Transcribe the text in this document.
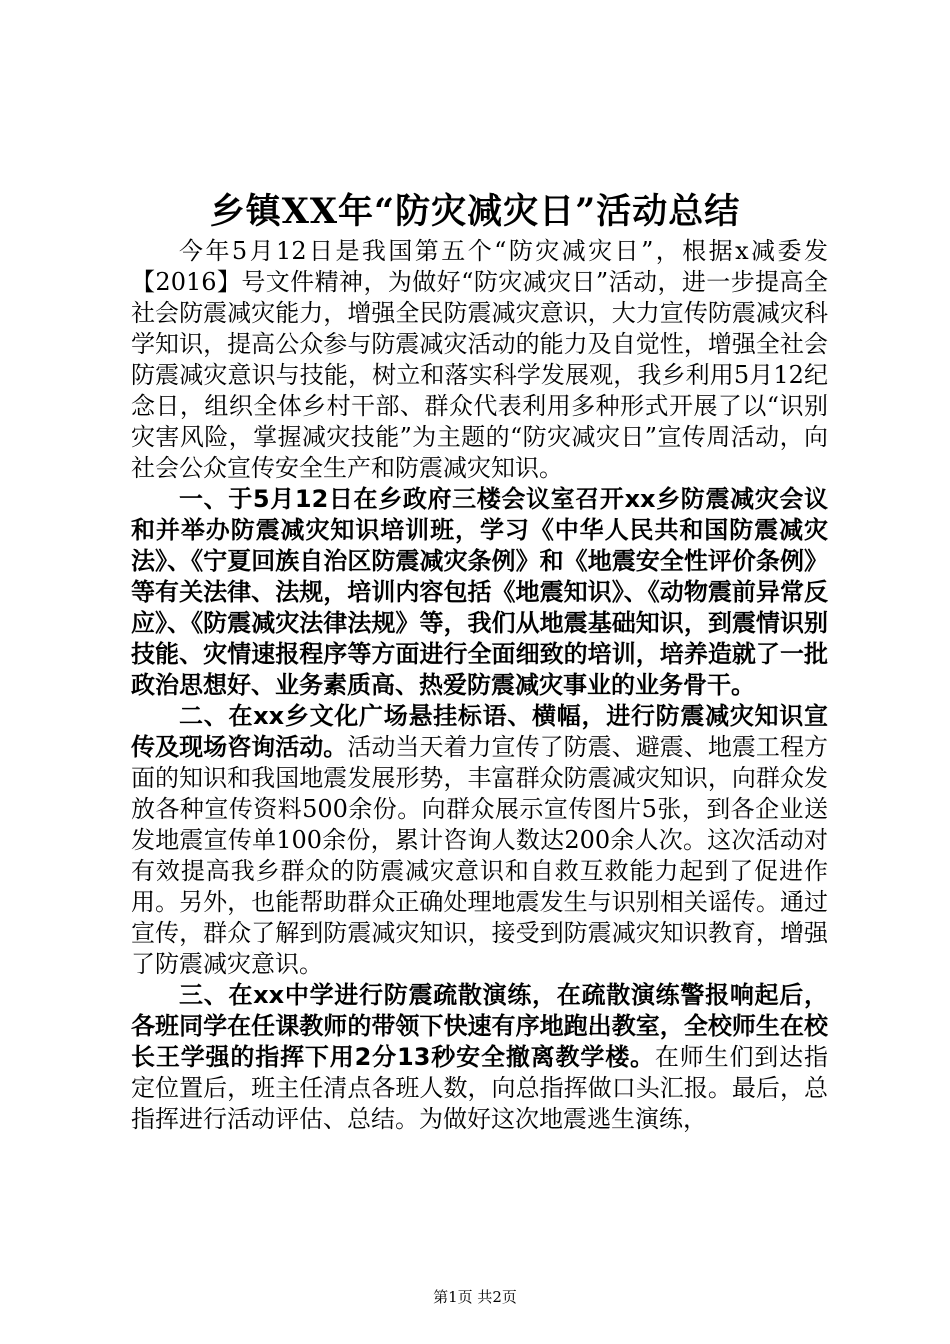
乡镇XX年“防灾减灾日”活动总结

今年5月12日是我国第五个“防灾减灾日”，根据x减委发【2016】号文件精神，为做好“防灾减灾日”活动，进一步提高全社会防震减灾能力，增强全民防震减灾意识，大力宣传防震减灾科学知识，提高公众参与防震减灾活动的能力及自觉性，增强全社会防震减灾意识与技能，树立和落实科学发展观，我乡利用5月12纪念日，组织全体乡村干部、群众代表利用多种形式开展了以“识别灾害风险，掌握减灾技能”为主题的“防灾减灾日”宣传周活动，向社会公众宣传安全生产和防震减灾知识。

一、于5月12日在乡政府三楼会议室召开xx乡防震减灾会议和并举办防震减灾知识培训班，学习《中华人民共和国防震减灾法》、《宁夏回族自治区防震减灾条例》和《地震安全性评价条例》等有关法律、法规，培训内容包括《地震知识》、《动物震前异常反应》、《防震减灾法律法规》等，我们从地震基础知识，到震情识别技能、灾情速报程序等方面进行全面细致的培训，培养造就了一批政治思想好、业务素质高、热爱防震减灾事业的业务骨干。

二、在xx乡文化广场悬挂标语、横幅，进行防震减灾知识宣传及现场咨询活动。活动当天着力宣传了防震、避震、地震工程方面的知识和我国地震发展形势，丰富群众防震减灾知识，向群众发放各种宣传资料500余份。向群众展示宣传图片5张，到各企业送发地震宣传单100余份，累计咨询人数达200余人次。这次活动对有效提高我乡群众的防震减灾意识和自救互救能力起到了促进作用。另外，也能帮助群众正确处理地震发生与识别相关谣传。通过宣传，群众了解到防震减灾知识，接受到防震减灾知识教育，增强了防震减灾意识。

三、在xx中学进行防震疏散演练，在疏散演练警报响起后，各班同学在任课教师的带领下快速有序地跑出教室，全校师生在校长王学强的指挥下用2分13秒安全撤离教学楼。在师生们到达指定位置后，班主任清点各班人数，向总指挥做口头汇报。最后，总指挥进行活动评估、总结。为做好这次地震逃生演练，

第1页 共2页
